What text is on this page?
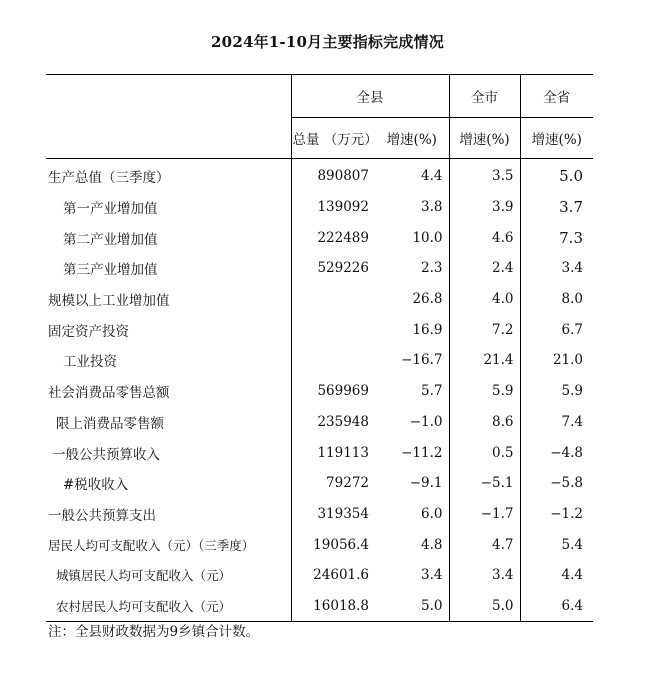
2024年1-10月主要指标完成情况
	全县		全市	全省
	总量 （万元）	增速(%)	增速(%)	增速(%)
生产总值（三季度）	890807	4.4	3.5	5.0
第一产业增加值	139092	3.8	3.9	3.7
第二产业增加值	222489	10.0	4.6	7.3
第三产业增加值	529226	2.3	2.4	3.4
规模以上工业增加值		26.8	4.0	8.0
固定资产投资		16.9	7.2	6.7
工业投资		−16.7	21.4	21.0
社会消费品零售总额	569969	5.7	5.9	5.9
限上消费品零售额	235948	−1.0	8.6	7.4
一般公共预算收入	119113	−11.2	0.5	−4.8
#税收收入	79272	−9.1	−5.1	−5.8
一般公共预算支出	319354	6.0	−1.7	−1.2
居民人均可支配收入（元）（三季度）	19056.4	4.8	4.7	5.4
城镇居民人均可支配收入（元）	24601.6	3.4	3.4	4.4
农村居民人均可支配收入（元）	16018.8	5.0	5.0	6.4
注：全县财政数据为9乡镇合计数。
